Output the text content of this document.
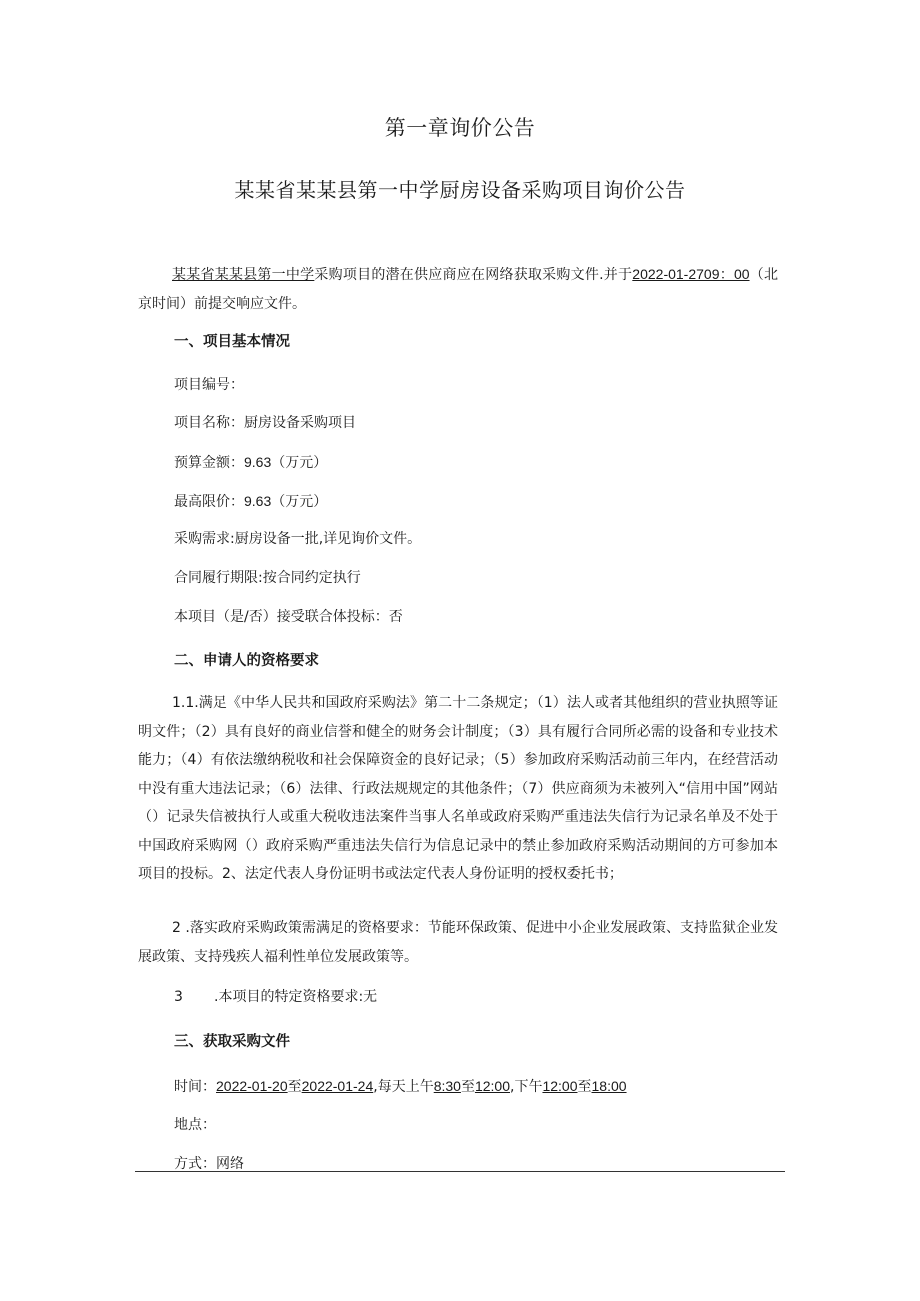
第一章询价公告
某某省某某县第一中学厨房设备采购项目询价公告
某某省某某县第一中学采购项目的潜在供应商应在网络获取采购文件.并于2022-01-2709：00（北京时间）前提交响应文件。
一、项目基本情况
项目编号：
项目名称：厨房设备采购项目
预算金额：9.63（万元）
最高限价：9.63（万元）
采购需求:厨房设备一批,详见询价文件。
合同履行期限:按合同约定执行
本项目（是/否）接受联合体投标：否
二、申请人的资格要求
1.1.满足《中华人民共和国政府采购法》第二十二条规定；（1）法人或者其他组织的营业执照等证明文件；（2）具有良好的商业信誉和健全的财务会计制度；（3）具有履行合同所必需的设备和专业技术能力；（4）有依法缴纳税收和社会保障资金的良好记录；（5）参加政府采购活动前三年内，在经营活动中没有重大违法记录；（6）法律、行政法规规定的其他条件；（7）供应商须为未被列入“信用中国”网站（）记录失信被执行人或重大税收违法案件当事人名单或政府采购严重违法失信行为记录名单及不处于中国政府采购网（）政府采购严重违法失信行为信息记录中的禁止参加政府采购活动期间的方可参加本项目的投标。2、法定代表人身份证明书或法定代表人身份证明的授权委托书；
2 .落实政府采购政策需满足的资格要求：节能环保政策、促进中小企业发展政策、支持监狱企业发展政策、支持残疾人福利性单位发展政策等。
3 .本项目的特定资格要求:无
三、获取采购文件
时间：2022-01-20至2022-01-24,每天上午8:30至12:00,下午12:00至18:00
地点：
方式：网络
